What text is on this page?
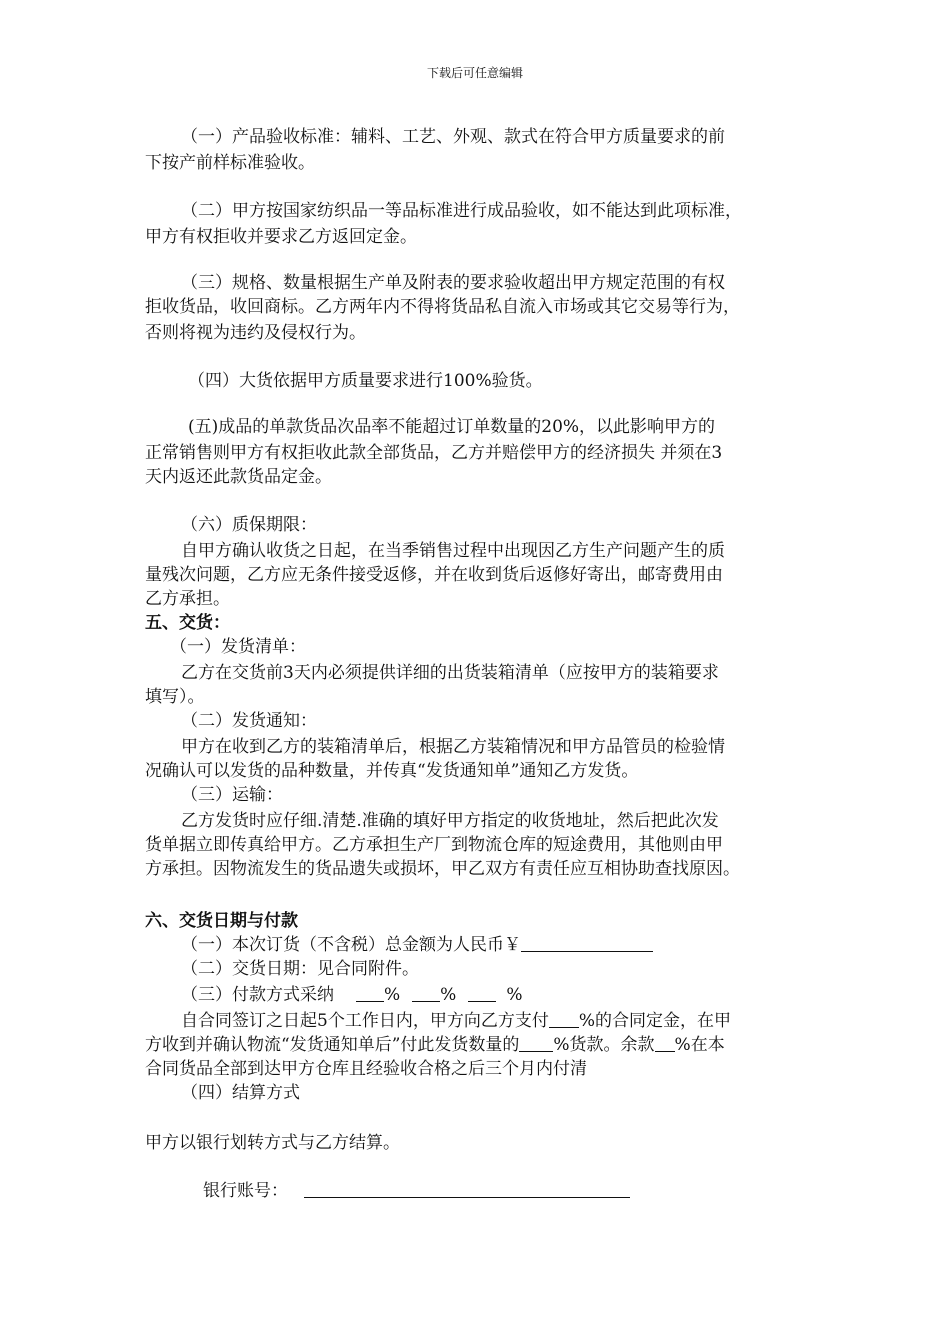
下载后可任意编辑
（一）产品验收标准：辅料、工艺、外观、款式在符合甲方质量要求的前
下按产前样标准验收。
（二）甲方按国家纺织品一等品标准进行成品验收，如不能达到此项标准，
甲方有权拒收并要求乙方返回定金。
（三）规格、数量根据生产单及附表的要求验收超出甲方规定范围的有权
拒收货品，收回商标。乙方两年内不得将货品私自流入市场或其它交易等行为，
否则将视为违约及侵权行为。
（四）大货依据甲方质量要求进行100%验货。
(五)成品的单款货品次品率不能超过订单数量的20%，以此影响甲方的
正常销售则甲方有权拒收此款全部货品，乙方并赔偿甲方的经济损失 并须在3
天内返还此款货品定金。
（六）质保期限：
自甲方确认收货之日起，在当季销售过程中出现因乙方生产问题产生的质
量残次问题，乙方应无条件接受返修，并在收到货后返修好寄出，邮寄费用由
乙方承担。
五、交货：
（一）发货清单：
乙方在交货前3天内必须提供详细的出货装箱清单（应按甲方的装箱要求
填写）。
（二）发货通知：
甲方在收到乙方的装箱清单后，根据乙方装箱情况和甲方品管员的检验情
况确认可以发货的品种数量，并传真“发货通知单”通知乙方发货。
（三）运输：
乙方发货时应仔细.清楚.准确的填好甲方指定的收货地址，然后把此次发
货单据立即传真给甲方。乙方承担生产厂到物流仓库的短途费用，其他则由甲
方承担。因物流发生的货品遗失或损坏，甲乙双方有责任应互相协助查找原因。
六、交货日期与付款
（一）本次订货（不含税）总金额为人民币￥
（二）交货日期：见合同附件。
（三）付款方式采纳	% %	%
自合同签订之日起5个工作日内，甲方向乙方支付 %的合同定金，在甲
方收到并确认物流“发货通知单后”付此发货数量的 %货款。余款 %在本
合同货品全部到达甲方仓库且经验收合格之后三个月内付清
（四）结算方式
甲方以银行划转方式与乙方结算。
银行账号：
